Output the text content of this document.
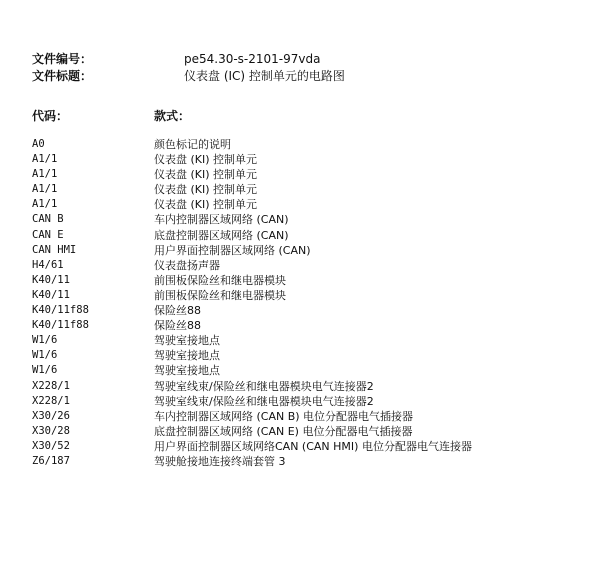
文件编号：	pe54.30-s-2101-97vda
文件标题：	仪表盘 (IC) 控制单元的电路图
代码：	款式：
A0	颜色标记的说明
A1/1	仪表盘 (KI) 控制单元
A1/1	仪表盘 (KI) 控制单元
A1/1	仪表盘 (KI) 控制单元
A1/1	仪表盘 (KI) 控制单元
CAN B	车内控制器区域网络 (CAN)
CAN E	底盘控制器区域网络 (CAN)
CAN HMI	用户界面控制器区域网络 (CAN)
H4/61	仪表盘扬声器
K40/11	前围板保险丝和继电器模块
K40/11	前围板保险丝和继电器模块
K40/11f88	保险丝88
K40/11f88	保险丝88
W1/6	驾驶室接地点
W1/6	驾驶室接地点
W1/6	驾驶室接地点
X228/1	驾驶室线束/保险丝和继电器模块电气连接器2
X228/1	驾驶室线束/保险丝和继电器模块电气连接器2
X30/26	车内控制器区域网络 (CAN B) 电位分配器电气插接器
X30/28	底盘控制器区域网络 (CAN E) 电位分配器电气插接器
X30/52	用户界面控制器区域网络CAN (CAN HMI) 电位分配器电气连接器
Z6/187	驾驶舱接地连接终端套管 3
